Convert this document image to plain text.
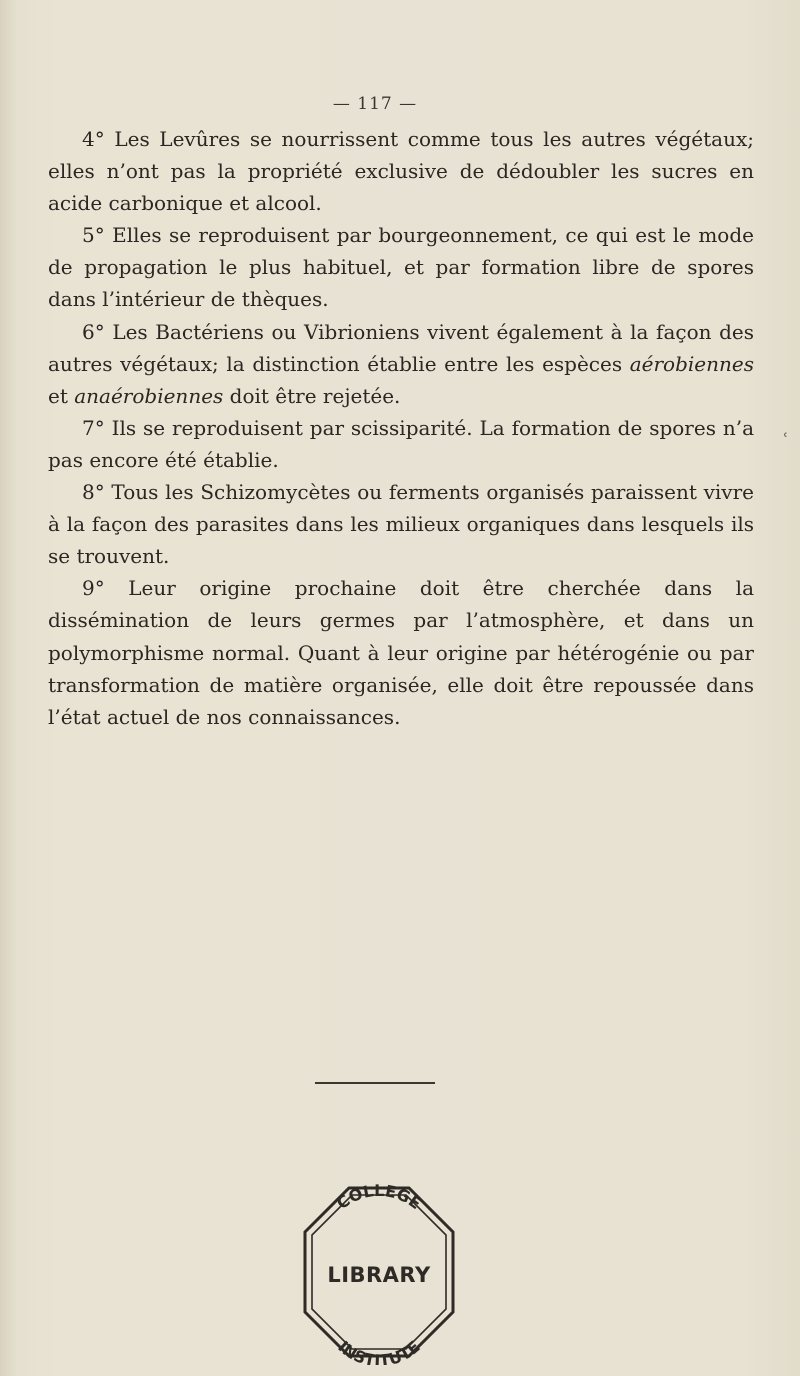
— 117 —

4° Les Levûres se nourrissent comme tous les autres végétaux; elles n’ont pas la propriété exclusive de dédoubler les sucres en acide carbonique et alcool.

5° Elles se reproduisent par bourgeonnement, ce qui est le mode de propagation le plus habituel, et par formation libre de spores dans l’intérieur de thèques.

6° Les Bactériens ou Vibrioniens vivent également à la façon des autres végétaux; la distinction établie entre les espèces aérobiennes et anaérobiennes doit être rejetée.

7° Ils se reproduisent par scissiparité. La formation de spores n’a pas encore été établie.

8° Tous les Schizomycètes ou ferments organisés paraissent vivre à la façon des parasites dans les milieux organiques dans lesquels ils se trouvent.

9° Leur origine prochaine doit être cherchée dans la dissémination de leurs germes par l’atmosphère, et dans un polymorphisme normal. Quant à leur origine par hétérogénie ou par transformation de matière organisée, elle doit être repoussée dans l’état actuel de nos connaissances.

ʿ
COLLEGE
LIBRARY
INSTITUTE
